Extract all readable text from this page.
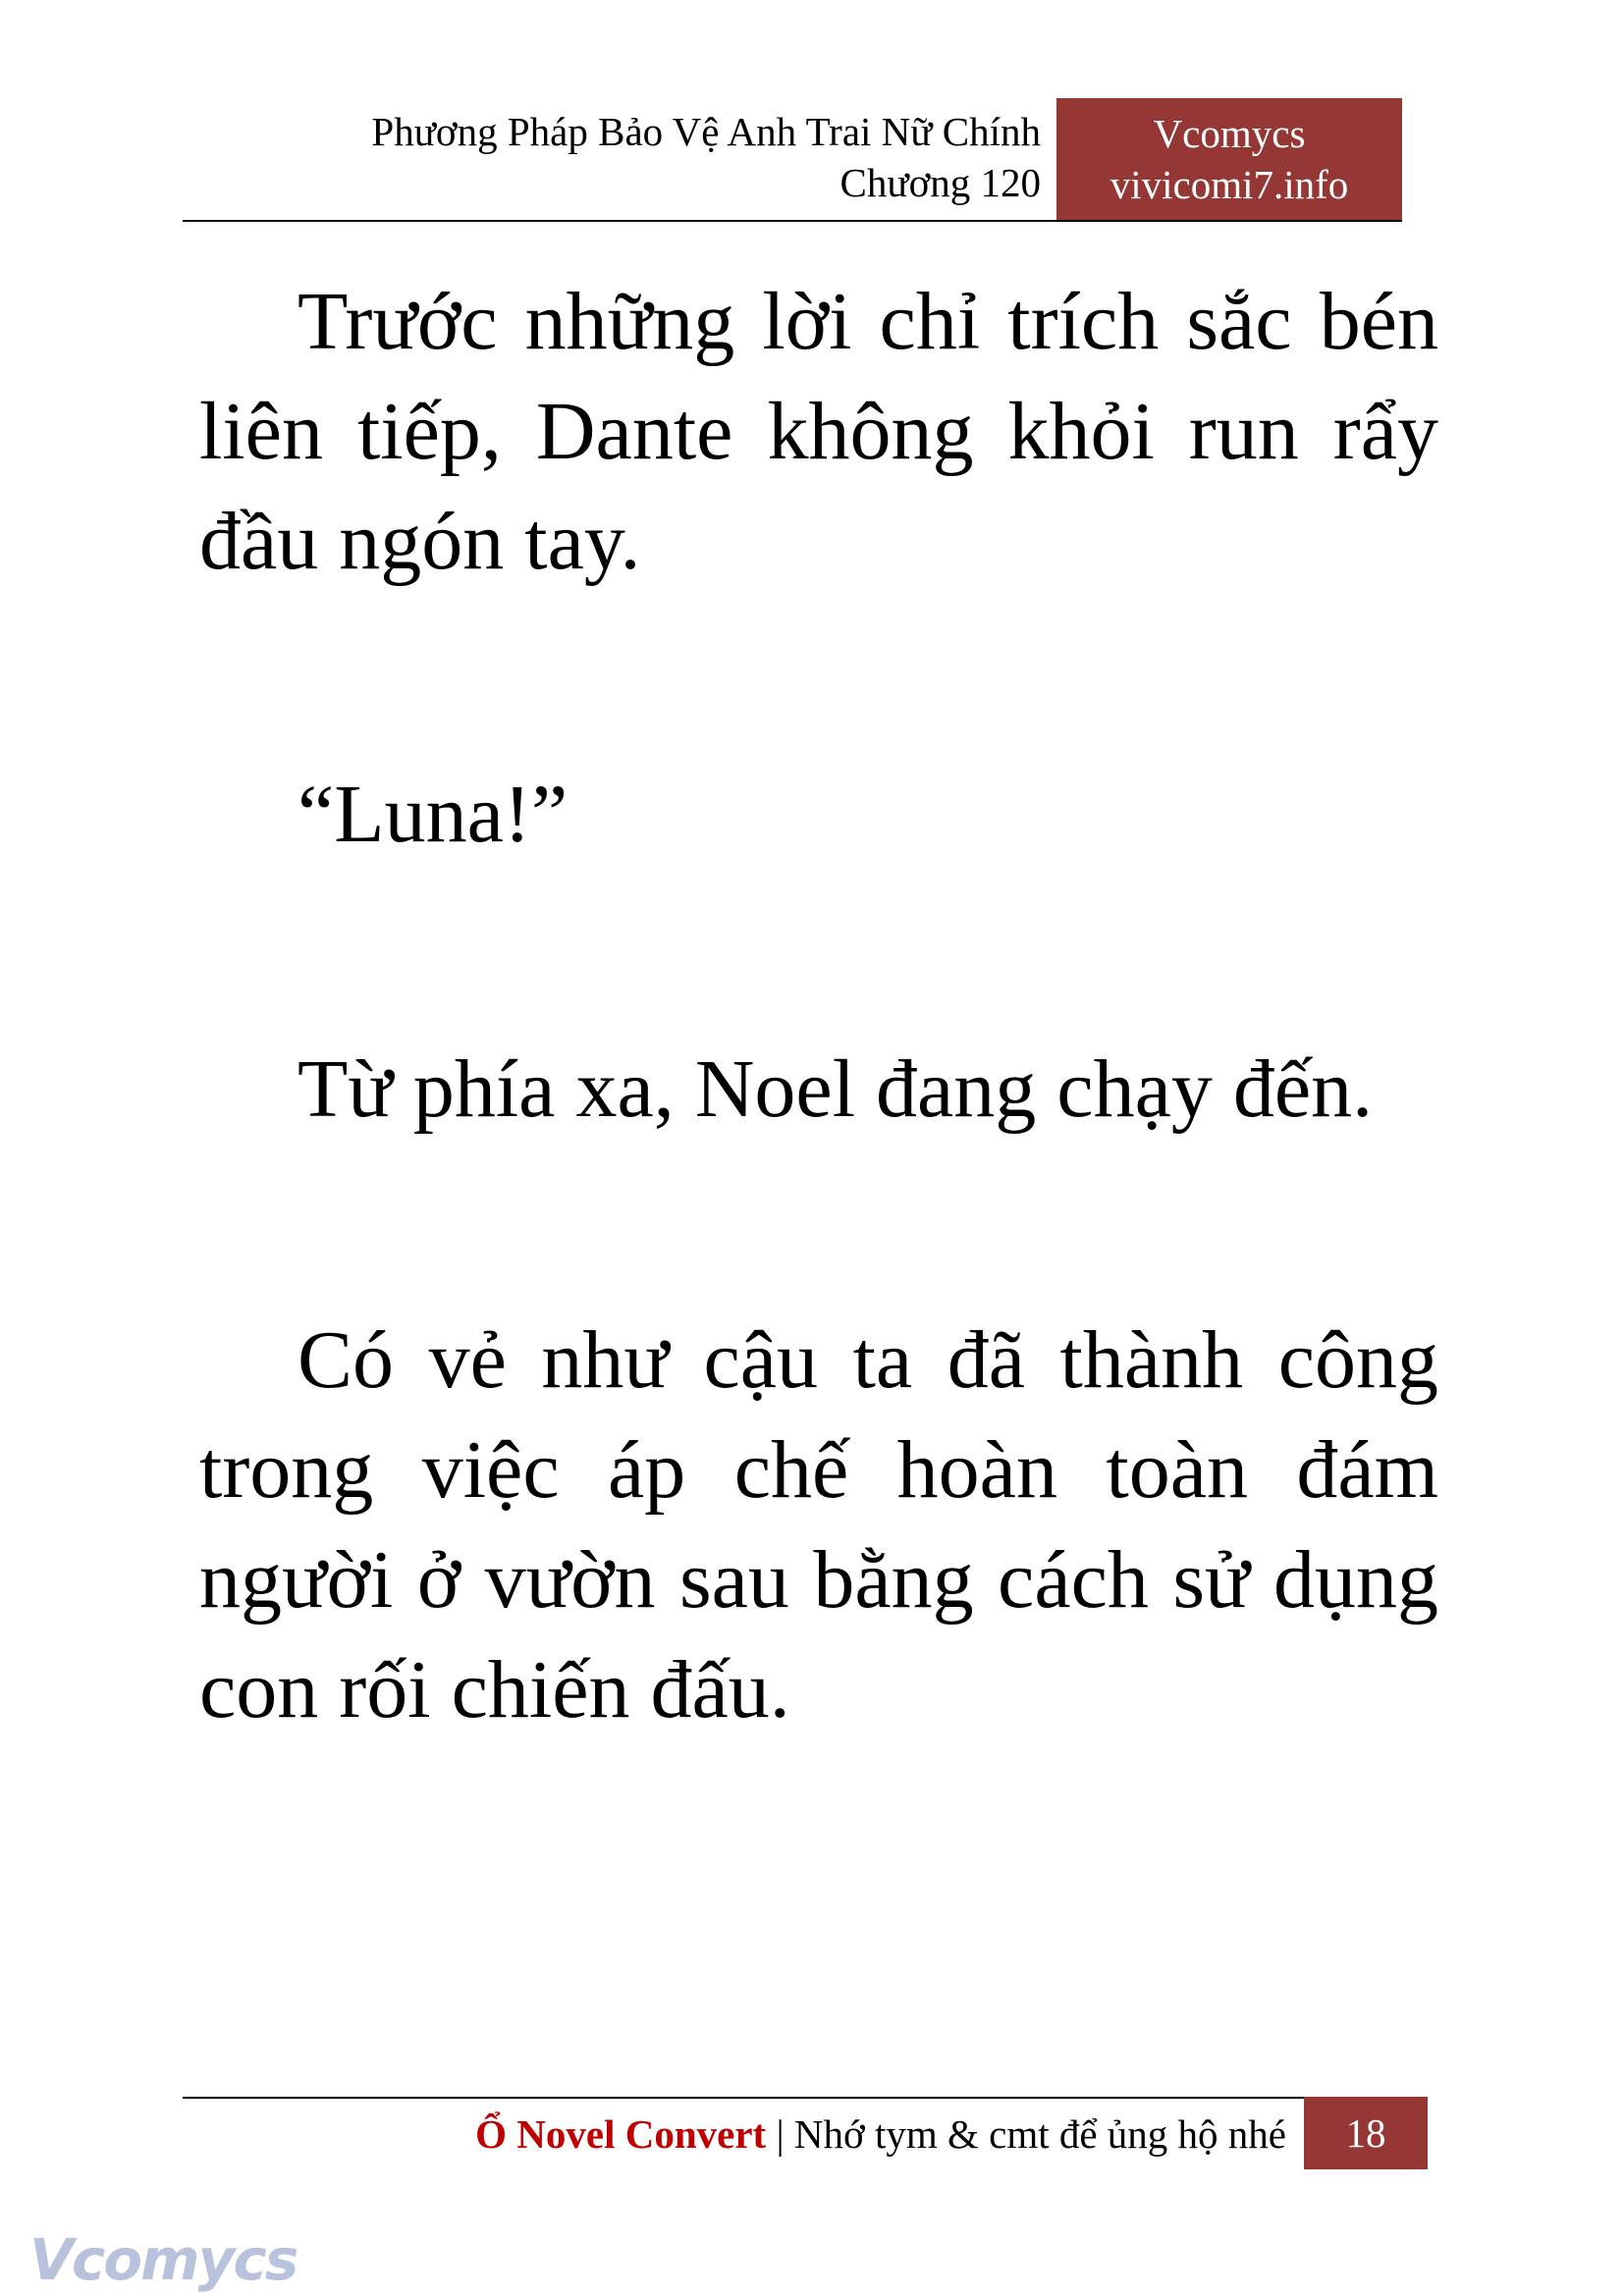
Phương Pháp Bảo Vệ Anh Trai Nữ Chính
Chương 120
Vcomycs
vivicomi7.info

Trước những lời chỉ trích sắc bén liên tiếp, Dante không khỏi run rẩy đầu ngón tay.

“Luna!”

Từ phía xa, Noel đang chạy đến.

Có vẻ như cậu ta đã thành công trong việc áp chế hoàn toàn đám người ở vườn sau bằng cách sử dụng con rối chiến đấu.

Ổ Novel Convert | Nhớ tym & cmt để ủng hộ nhé	18
Vcomycs
